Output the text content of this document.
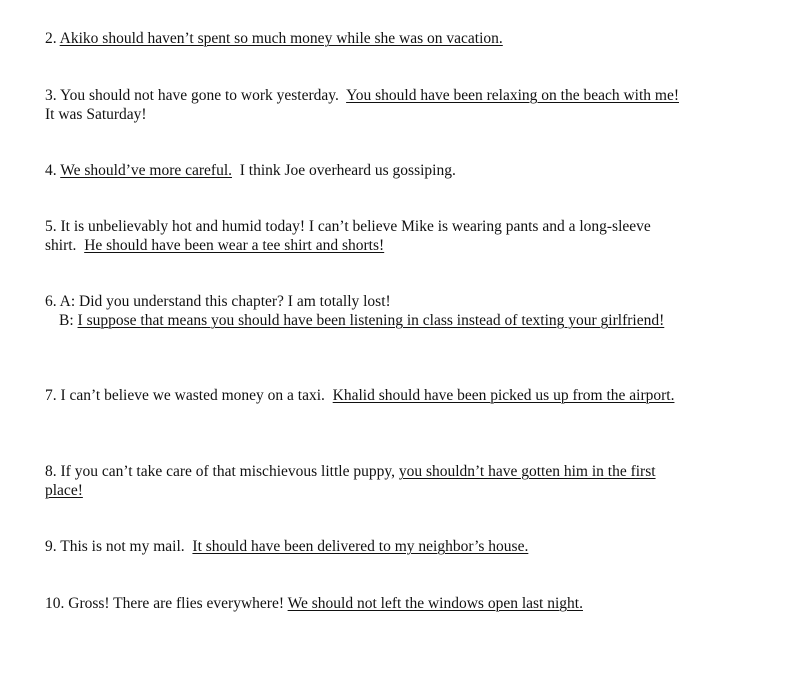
2. Akiko should haven’t spent so much money while she was on vacation.
3. You should not have gone to work yesterday. You should have been relaxing on the beach with me!  It was Saturday!
4. We should’ve more careful. I think Joe overheard us gossiping.
5. It is unbelievably hot and humid today! I can’t believe Mike is wearing pants and a long-sleeve shirt. He should have been wear a tee shirt and shorts!
6. A: Did you understand this chapter? I am totally lost!
B: I suppose that means you should have been listening in class instead of texting your girlfriend!
7. I can’t believe we wasted money on a taxi. Khalid should have been picked us up from the airport.
8. If you can’t take care of that mischievous little puppy, you shouldn’t have gotten him in the first place!
9. This is not my mail. It should have been delivered to my neighbor’s house.
10. Gross! There are flies everywhere! We should not left the windows open last night.
